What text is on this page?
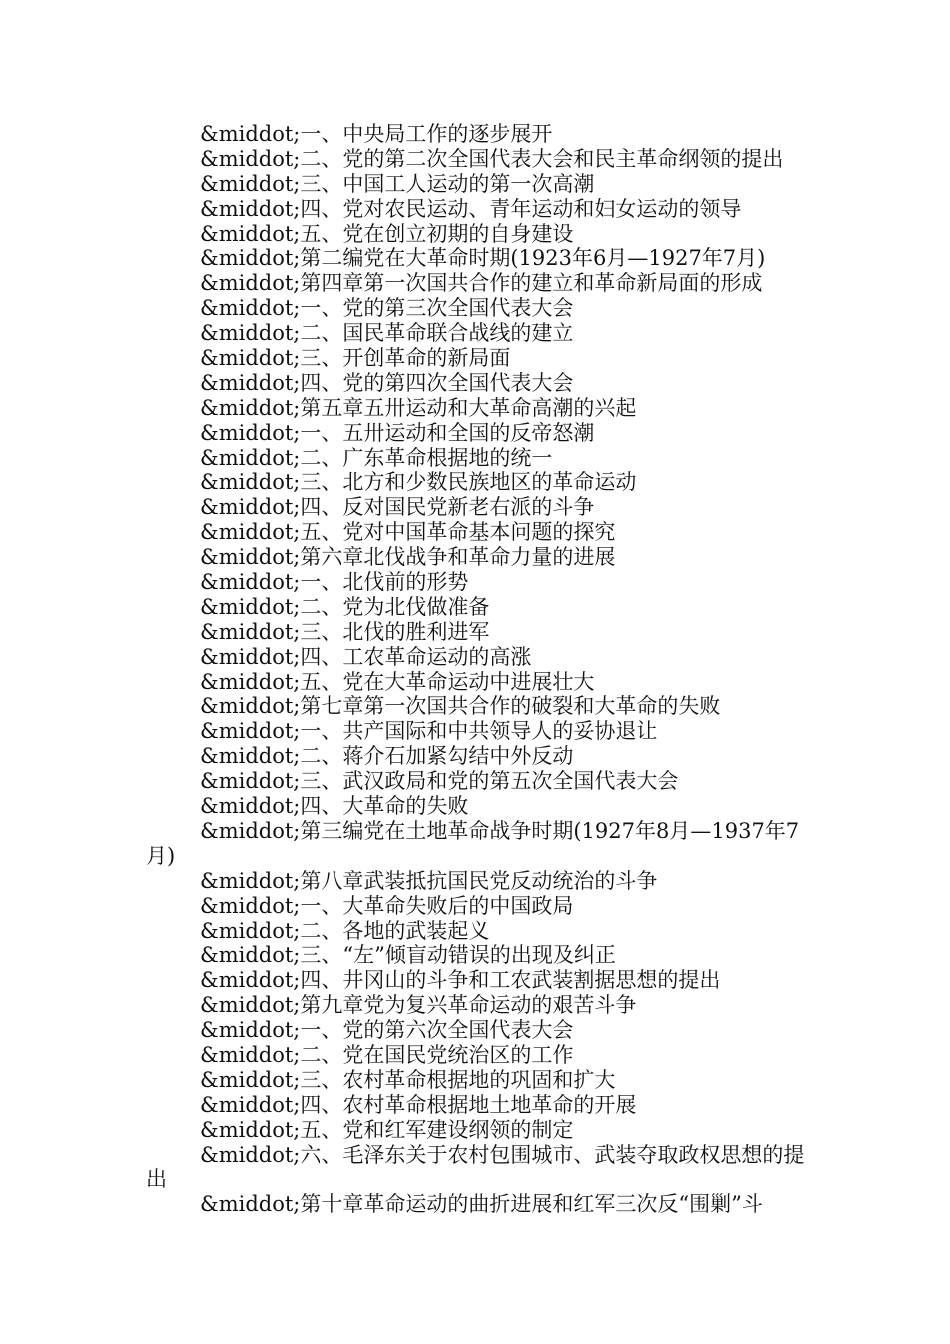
&middot;一、中央局工作的逐步展开
&middot;二、党的第二次全国代表大会和民主革命纲领的提出
&middot;三、中国工人运动的第一次高潮
&middot;四、党对农民运动、青年运动和妇女运动的领导
&middot;五、党在创立初期的自身建设
&middot;第二编党在大革命时期(1923年6月—1927年7月)
&middot;第四章第一次国共合作的建立和革命新局面的形成
&middot;一、党的第三次全国代表大会
&middot;二、国民革命联合战线的建立
&middot;三、开创革命的新局面
&middot;四、党的第四次全国代表大会
&middot;第五章五卅运动和大革命高潮的兴起
&middot;一、五卅运动和全国的反帝怒潮
&middot;二、广东革命根据地的统一
&middot;三、北方和少数民族地区的革命运动
&middot;四、反对国民党新老右派的斗争
&middot;五、党对中国革命基本问题的探究
&middot;第六章北伐战争和革命力量的进展
&middot;一、北伐前的形势
&middot;二、党为北伐做准备
&middot;三、北伐的胜利进军
&middot;四、工农革命运动的高涨
&middot;五、党在大革命运动中进展壮大
&middot;第七章第一次国共合作的破裂和大革命的失败
&middot;一、共产国际和中共领导人的妥协退让
&middot;二、蒋介石加紧勾结中外反动
&middot;三、武汉政局和党的第五次全国代表大会
&middot;四、大革命的失败
&middot;第三编党在土地革命战争时期(1927年8月—1937年7月)
&middot;第八章武装抵抗国民党反动统治的斗争
&middot;一、大革命失败后的中国政局
&middot;二、各地的武装起义
&middot;三、“左”倾盲动错误的出现及纠正
&middot;四、井冈山的斗争和工农武装割据思想的提出
&middot;第九章党为复兴革命运动的艰苦斗争
&middot;一、党的第六次全国代表大会
&middot;二、党在国民党统治区的工作
&middot;三、农村革命根据地的巩固和扩大
&middot;四、农村革命根据地土地革命的开展
&middot;五、党和红军建设纲领的制定
&middot;六、毛泽东关于农村包围城市、武装夺取政权思想的提出
&middot;第十章革命运动的曲折进展和红军三次反“围剿”斗
